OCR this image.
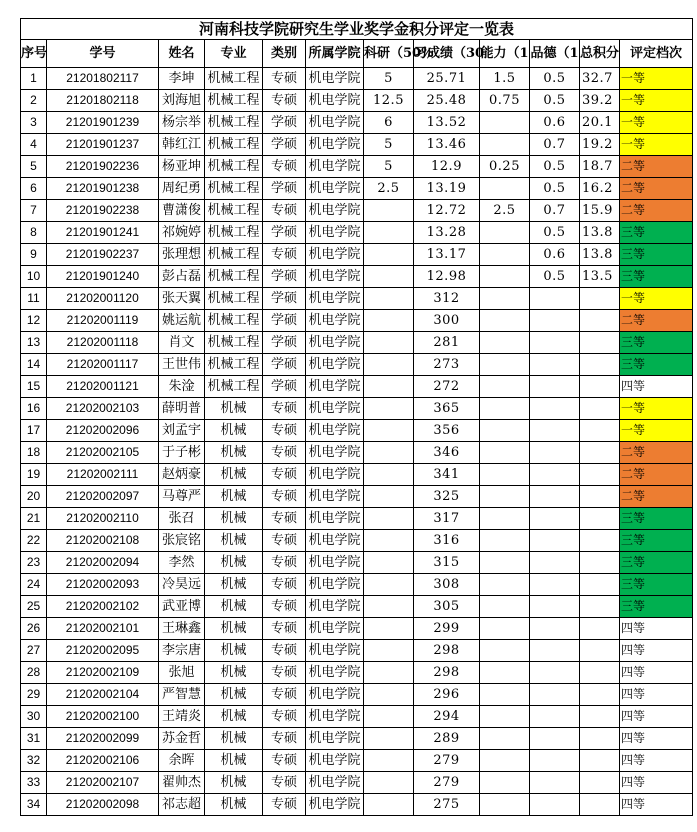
河南科技学院研究生学业奖学金积分评定一览表											
序号	学号	姓名	专业	类别	所属学院	科研（50%	习成绩（30	能力（1	品德（1	总积分	评定档次
1	21201802117	李坤	机械工程	专硕	机电学院	5	25.71	1.5	0.5	32.7	一等
2	21201802118	刘海旭	机械工程	专硕	机电学院	12.5	25.48	0.75	0.5	39.2	一等
3	21201901239	杨宗举	机械工程	学硕	机电学院	6	13.52		0.6	20.1	一等
4	21201901237	韩红江	机械工程	学硕	机电学院	5	13.46		0.7	19.2	一等
5	21201902236	杨亚坤	机械工程	专硕	机电学院	5	12.9	0.25	0.5	18.7	二等
6	21201901238	周纪勇	机械工程	学硕	机电学院	2.5	13.19		0.5	16.2	二等
7	21201902238	曹潇俊	机械工程	专硕	机电学院		12.72	2.5	0.7	15.9	二等
8	21201901241	祁婉婷	机械工程	学硕	机电学院		13.28		0.5	13.8	三等
9	21201902237	张理想	机械工程	专硕	机电学院		13.17		0.6	13.8	三等
10	21201901240	彭占磊	机械工程	学硕	机电学院		12.98		0.5	13.5	三等
11	21202001120	张天翼	机械工程	学硕	机电学院		312				一等
12	21202001119	姚运航	机械工程	学硕	机电学院		300				二等
13	21202001118	肖文	机械工程	学硕	机电学院		281				三等
14	21202001117	王世伟	机械工程	学硕	机电学院		273				三等
15	21202001121	朱淦	机械工程	学硕	机电学院		272				四等
16	21202002103	薛明普	机械	专硕	机电学院		365				一等
17	21202002096	刘孟宇	机械	专硕	机电学院		356				一等
18	21202002105	于子彬	机械	专硕	机电学院		346				二等
19	21202002111	赵炳豪	机械	专硕	机电学院		341				二等
20	21202002097	马尊严	机械	专硕	机电学院		325				二等
21	21202002110	张召	机械	专硕	机电学院		317				三等
22	21202002108	张宸铭	机械	专硕	机电学院		316				三等
23	21202002094	李然	机械	专硕	机电学院		315				三等
24	21202002093	冷昊远	机械	专硕	机电学院		308				三等
25	21202002102	武亚博	机械	专硕	机电学院		305				三等
26	21202002101	王琳鑫	机械	专硕	机电学院		299				四等
27	21202002095	李宗唐	机械	专硕	机电学院		298				四等
28	21202002109	张旭	机械	专硕	机电学院		298				四等
29	21202002104	严智慧	机械	专硕	机电学院		296				四等
30	21202002100	王靖炎	机械	专硕	机电学院		294				四等
31	21202002099	苏金哲	机械	专硕	机电学院		289				四等
32	21202002106	余晖	机械	专硕	机电学院		279				四等
33	21202002107	翟帅杰	机械	专硕	机电学院		279				四等
34	21202002098	祁志超	机械	专硕	机电学院		275				四等
